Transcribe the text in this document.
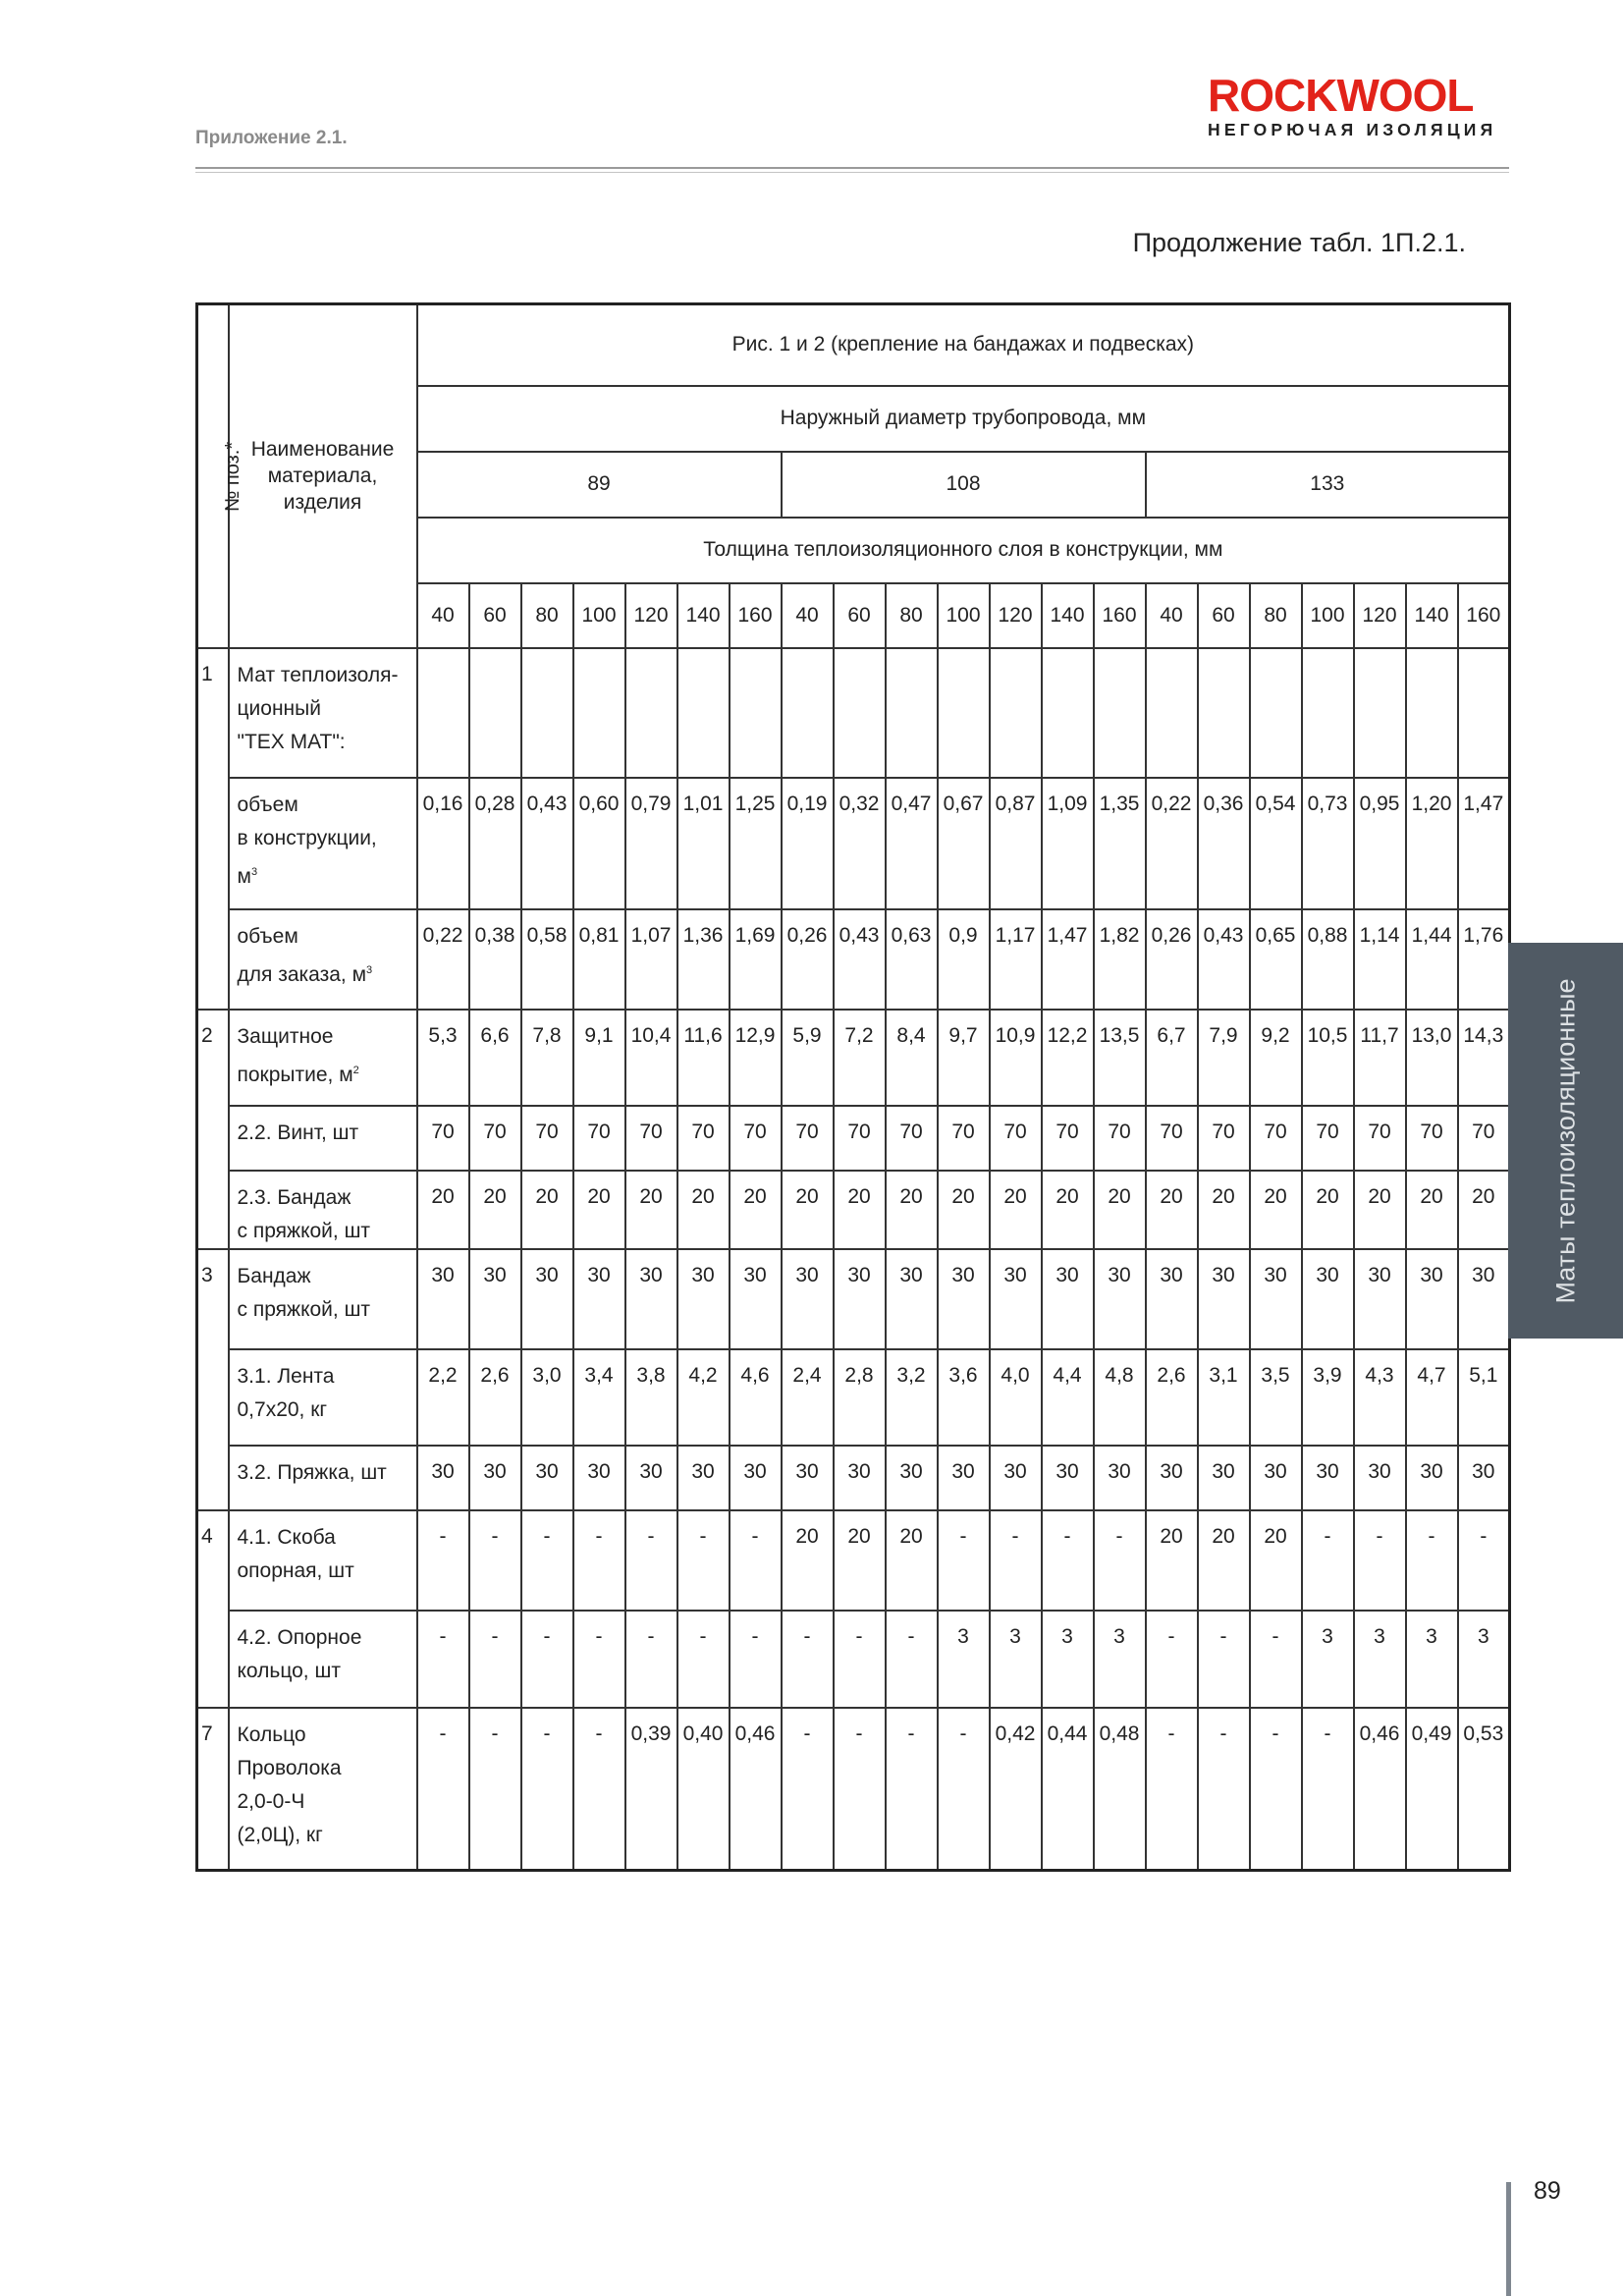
Приложение 2.1.
ROCKWOOL
НЕГОРЮЧАЯ ИЗОЛЯЦИЯ
Продолжение табл. 1П.2.1.
№ поз.*	Наименование материала, изделия	Рис. 1 и 2 (крепление на бандажах и подвесках)																				
		Наружный диаметр трубопровода, мм																				
		89							108							133						
		Толщина теплоизоляционного слоя в конструкции, мм																				
		40	60	80	100	120	140	160	40	60	80	100	120	140	160	40	60	80	100	120	140	160
1	Мат теплоизоля-
ционный
"ТЕХ МАТ":																					
	объем
в конструкции,
$м^3$	0,16	0,28	0,43	0,60	0,79	1,01	1,25	0,19	0,32	0,47	0,67	0,87	1,09	1,35	0,22	0,36	0,54	0,73	0,95	1,20	1,47
	объем
для заказа, $м^3$	0,22	0,38	0,58	0,81	1,07	1,36	1,69	0,26	0,43	0,63	0,9	1,17	1,47	1,82	0,26	0,43	0,65	0,88	1,14	1,44	1,76
2	Защитное
покрытие, $м^2$	5,3	6,6	7,8	9,1	10,4	11,6	12,9	5,9	7,2	8,4	9,7	10,9	12,2	13,5	6,7	7,9	9,2	10,5	11,7	13,0	14,3
	2.2. Винт, шт	70	70	70	70	70	70	70	70	70	70	70	70	70	70	70	70	70	70	70	70	70
	2.3. Бандаж
с пряжкой, шт	20	20	20	20	20	20	20	20	20	20	20	20	20	20	20	20	20	20	20	20	20
3	Бандаж
с пряжкой, шт	30	30	30	30	30	30	30	30	30	30	30	30	30	30	30	30	30	30	30	30	30
	3.1. Лента
0,7x20, кг	2,2	2,6	3,0	3,4	3,8	4,2	4,6	2,4	2,8	3,2	3,6	4,0	4,4	4,8	2,6	3,1	3,5	3,9	4,3	4,7	5,1
	3.2. Пряжка, шт	30	30	30	30	30	30	30	30	30	30	30	30	30	30	30	30	30	30	30	30	30
4	4.1. Скоба
опорная, шт	-	-	-	-	-	-	-	20	20	20	-	-	-	-	20	20	20	-	-	-	-
	4.2. Опорное
кольцо, шт	-	-	-	-	-	-	-	-	-	-	3	3	3	3	-	-	-	3	3	3	3
7	Кольцо
Проволока
2,0-0-Ч
(2,0Ц), кг	-	-	-	-	0,39	0,40	0,46	-	-	-	-	0,42	0,44	0,48	-	-	-	-	0,46	0,49	0,53
Маты теплоизоляционные
89
